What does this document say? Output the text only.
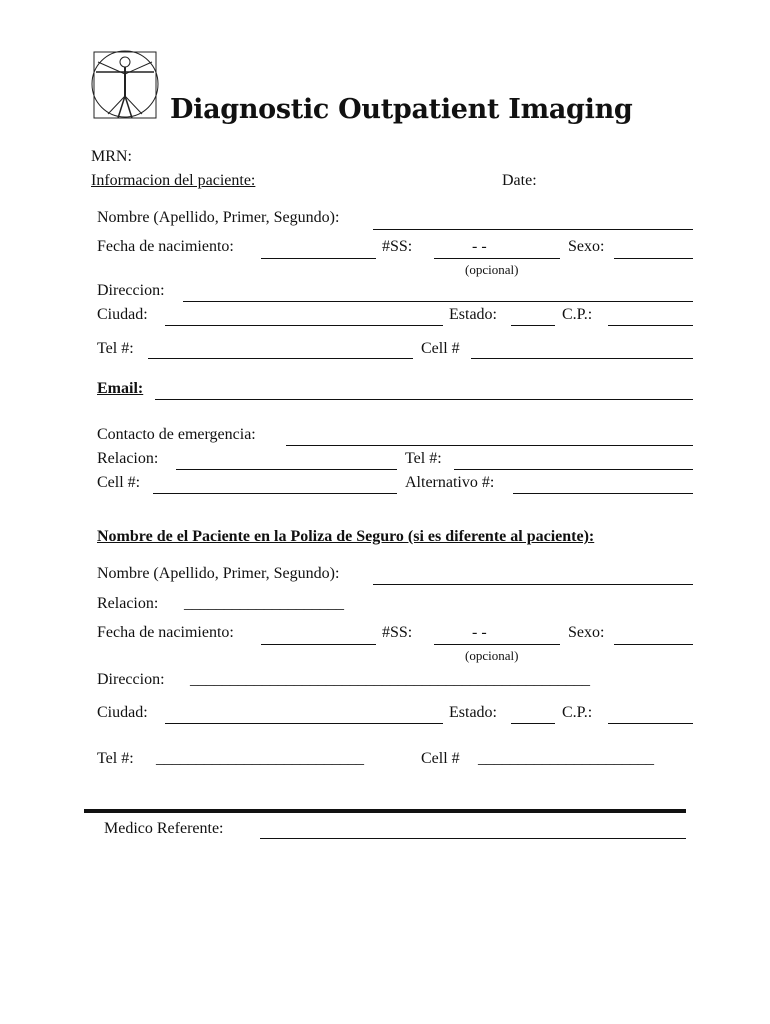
Diagnostic Outpatient Imaging
MRN:
Informacion del paciente:	Date:
Nombre (Apellido, Primer, Segundo):
Fecha de nacimiento:	#SS:	- -	Sexo:
(opcional)
Direccion:
Ciudad:	Estado:	C.P.:
Tel #:	Cell #
Email:
Contacto de emergencia:
Relacion:	Tel #:
Cell #:	Alternativo #:
Nombre de el Paciente en la Poliza de Seguro (si es diferente al paciente):
Nombre (Apellido, Primer, Segundo):
Relacion: ____________________
Fecha de nacimiento:	#SS:	- -	Sexo:
(opcional)
Direccion: __________________________________________________
Ciudad:	Estado:	C.P.:
Tel #: __________________________	Cell # ______________________
Medico Referente:
